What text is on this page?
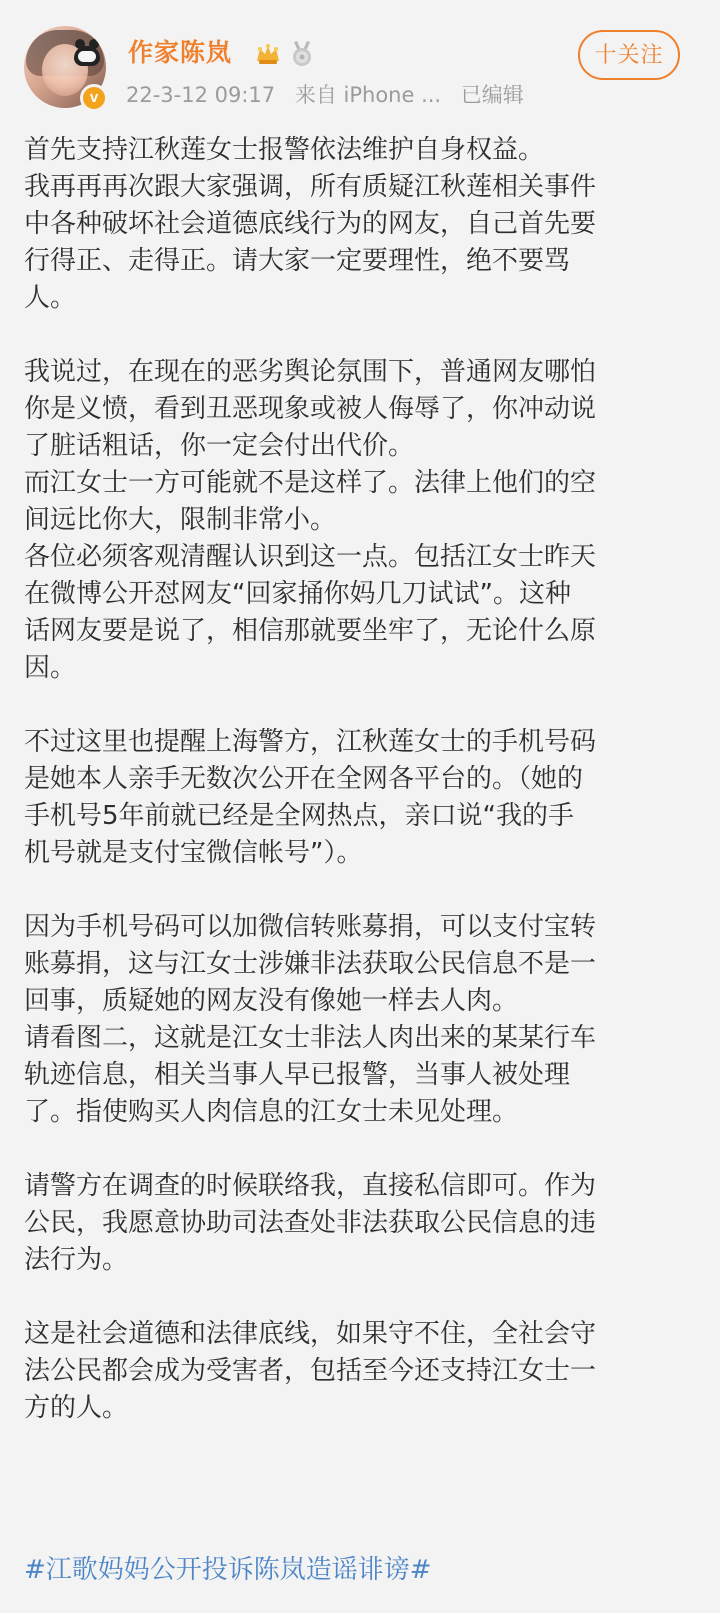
v
作家陈岚
22-3-12 09:17 来自 iPhone ... 已编辑
十关注
首先支持江秋莲女士报警依法维护自身权益。
我再再再次跟大家强调，所有质疑江秋莲相关事件
中各种破坏社会道德底线行为的网友，自己首先要
行得正、走得正。请大家一定要理性，绝不要骂
人。
我说过，在现在的恶劣舆论氛围下，普通网友哪怕
你是义愤，看到丑恶现象或被人侮辱了，你冲动说
了脏话粗话，你一定会付出代价。
而江女士一方可能就不是这样了。法律上他们的空
间远比你大，限制非常小。
各位必须客观清醒认识到这一点。包括江女士昨天
在微博公开怼网友“回家捅你妈几刀试试”。这种
话网友要是说了，相信那就要坐牢了，无论什么原
因。
不过这里也提醒上海警方，江秋莲女士的手机号码
是她本人亲手无数次公开在全网各平台的。（她的
手机号5年前就已经是全网热点，亲口说“我的手
机号就是支付宝微信帐号”）。
因为手机号码可以加微信转账募捐，可以支付宝转
账募捐，这与江女士涉嫌非法获取公民信息不是一
回事，质疑她的网友没有像她一样去人肉。
请看图二，这就是江女士非法人肉出来的某某行车
轨迹信息，相关当事人早已报警，当事人被处理
了。指使购买人肉信息的江女士未见处理。
请警方在调查的时候联络我，直接私信即可。作为
公民，我愿意协助司法查处非法获取公民信息的违
法行为。
这是社会道德和法律底线，如果守不住，全社会守
法公民都会成为受害者，包括至今还支持江女士一
方的人。
#江歌妈妈公开投诉陈岚造谣诽谤#
